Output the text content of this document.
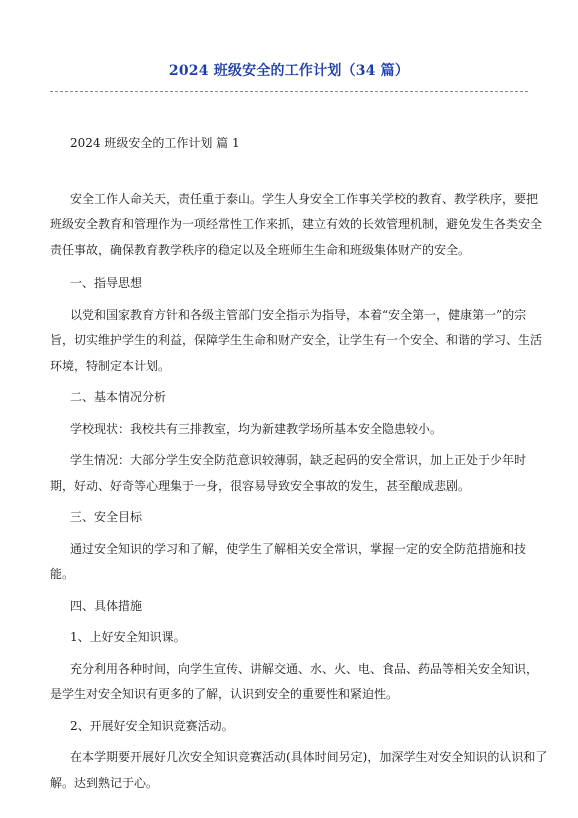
2024 班级安全的工作计划（34 篇）

2024 班级安全的工作计划 篇 1

安全工作人命关天，责任重于泰山。学生人身安全工作事关学校的教育、教学秩序，要把班级安全教育和管理作为一项经常性工作来抓，建立有效的长效管理机制，避免发生各类安全责任事故，确保教育教学秩序的稳定以及全班师生生命和班级集体财产的安全。

一、指导思想

以党和国家教育方针和各级主管部门安全指示为指导，本着“安全第一，健康第一”的宗旨，切实维护学生的利益，保障学生生命和财产安全，让学生有一个安全、和谐的学习、生活环境，特制定本计划。

二、基本情况分析

学校现状：我校共有三排教室，均为新建教学场所基本安全隐患较小。

学生情况：大部分学生安全防范意识较薄弱，缺乏起码的安全常识，加上正处于少年时期，好动、好奇等心理集于一身，很容易导致安全事故的发生，甚至酿成悲剧。

三、安全目标

通过安全知识的学习和了解，使学生了解相关安全常识，掌握一定的安全防范措施和技能。

四、具体措施

1、上好安全知识课。

充分利用各种时间，向学生宣传、讲解交通、水、火、电、食品、药品等相关安全知识，是学生对安全知识有更多的了解，认识到安全的重要性和紧迫性。

2、开展好安全知识竞赛活动。

在本学期要开展好几次安全知识竞赛活动(具体时间另定)，加深学生对安全知识的认识和了解。达到熟记于心。
